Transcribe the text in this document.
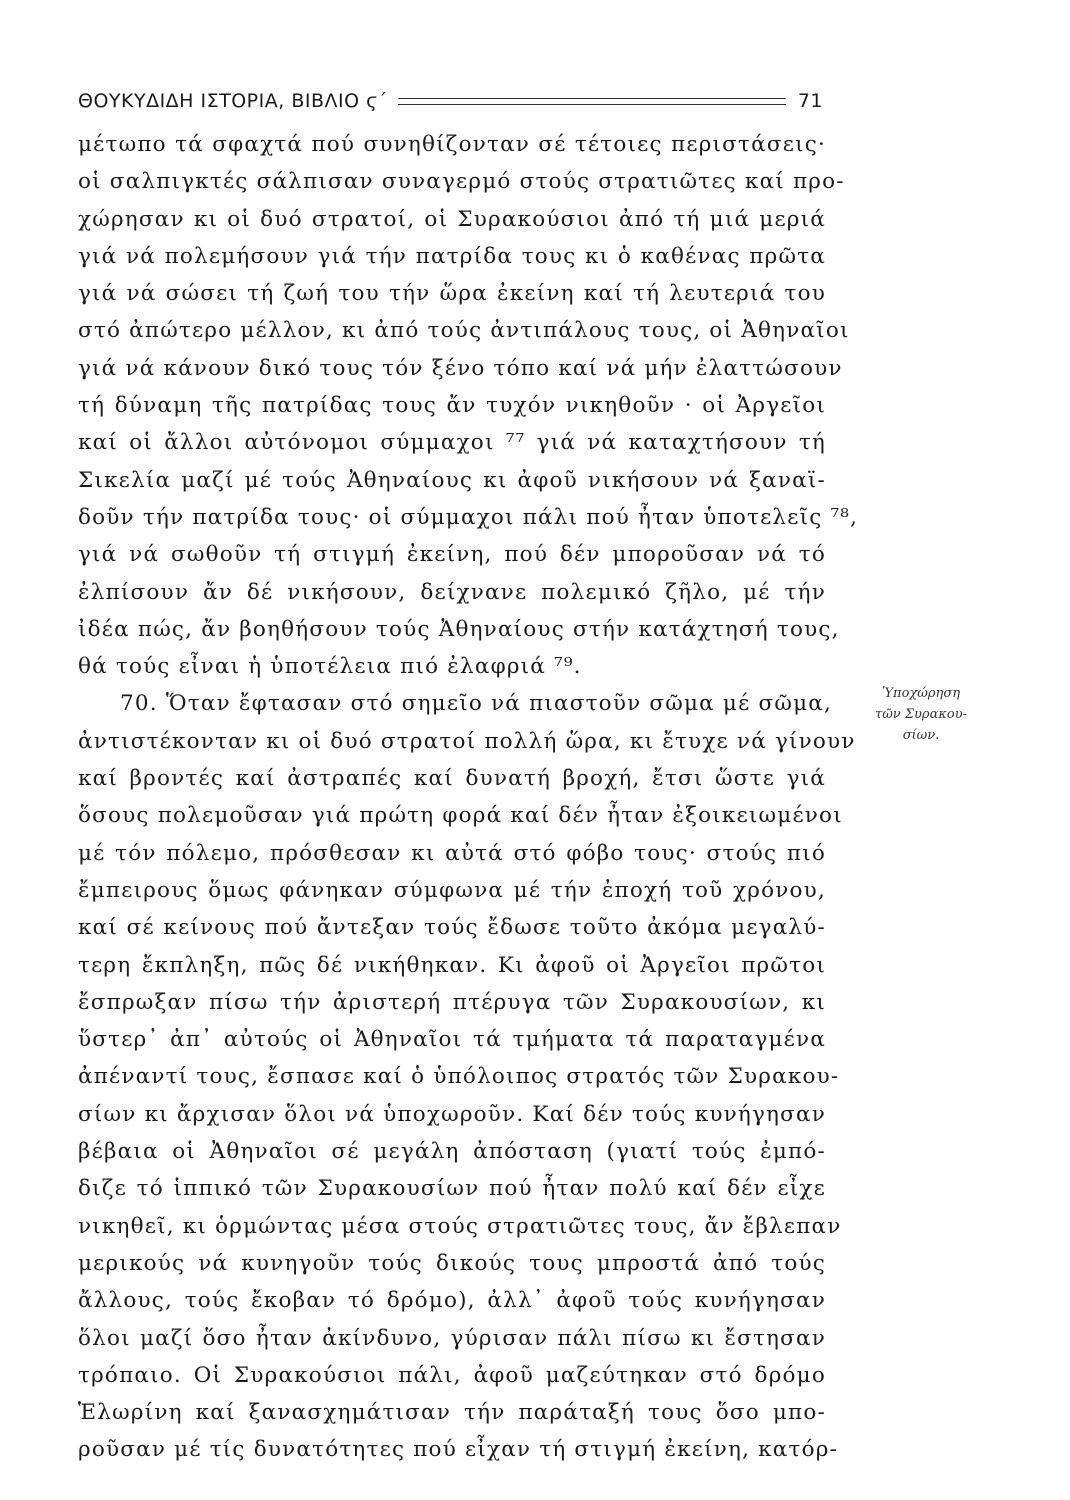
ΘΟΥΚΥΔΙΔΗ ΙΣΤΟΡΙΑ, ΒΙΒΛΙΟ ϛ΄	71
μέτωπο τά σφαχτά πού συνηθίζονταν σέ τέτοιες περιστάσεις·
οἱ σαλπιγκτές σάλπισαν συναγερμό στούς στρατιῶτες καί προ-
χώρησαν κι οἱ δυό στρατοί, οἱ Συρακούσιοι ἀπό τή μιά μεριά
γιά νά πολεμήσουν γιά τήν πατρίδα τους κι ὁ καθένας πρῶτα
γιά νά σώσει τή ζωή του τήν ὥρα ἐκείνη καί τή λευτεριά του
στό ἀπώτερο μέλλον, κι ἀπό τούς ἀντιπάλους τους, οἱ Ἀθηναῖοι
γιά νά κάνουν δικό τους τόν ξένο τόπο καί νά μήν ἐλαττώσουν
τή δύναμη τῆς πατρίδας τους ἄν τυχόν νικηθοῦν · οἱ Ἀργεῖοι
καί οἱ ἄλλοι αὐτόνομοι σύμμαχοι ⁷⁷ γιά νά καταχτήσουν τή
Σικελία μαζί μέ τούς Ἀθηναίους κι ἀφοῦ νικήσουν νά ξαναϊ-
δοῦν τήν πατρίδα τους· οἱ σύμμαχοι πάλι πού ἦταν ὑποτελεῖς ⁷⁸,
γιά νά σωθοῦν τή στιγμή ἐκείνη, πού δέν μποροῦσαν νά τό
ἐλπίσουν ἄν δέ νικήσουν, δείχνανε πολεμικό ζῆλο, μέ τήν
ἰδέα πώς, ἄν βοηθήσουν τούς Ἀθηναίους στήν κατάχτησή τους,
θά τούς εἶναι ἡ ὑποτέλεια πιό ἐλαφριά ⁷⁹.
70. Ὅταν ἔφτασαν στό σημεῖο νά πιαστοῦν σῶμα μέ σῶμα,
ἀντιστέκονταν κι οἱ δυό στρατοί πολλή ὥρα, κι ἔτυχε νά γίνουν
καί βροντές καί ἀστραπές καί δυνατή βροχή, ἔτσι ὥστε γιά
ὅσους πολεμοῦσαν γιά πρώτη φορά καί δέν ἦταν ἐξοικειωμένοι
μέ τόν πόλεμο, πρόσθεσαν κι αὐτά στό φόβο τους· στούς πιό
ἔμπειρους ὅμως φάνηκαν σύμφωνα μέ τήν ἐποχή τοῦ χρόνου,
καί σέ κείνους πού ἄντεξαν τούς ἔδωσε τοῦτο ἀκόμα μεγαλύ-
τερη ἔκπληξη, πῶς δέ νικήθηκαν. Κι ἀφοῦ οἱ Ἀργεῖοι πρῶτοι
ἔσπρωξαν πίσω τήν ἀριστερή πτέρυγα τῶν Συρακουσίων, κι
ὕστερ᾽ ἀπ᾽ αὐτούς οἱ Ἀθηναῖοι τά τμήματα τά παραταγμένα
ἀπέναντί τους, ἔσπασε καί ὁ ὑπόλοιπος στρατός τῶν Συρακου-
σίων κι ἄρχισαν ὅλοι νά ὑποχωροῦν. Καί δέν τούς κυνήγησαν
βέβαια οἱ Ἀθηναῖοι σέ μεγάλη ἀπόσταση (γιατί τούς ἐμπό-
διζε τό ἱππικό τῶν Συρακουσίων πού ἦταν πολύ καί δέν εἶχε
νικηθεῖ, κι ὁρμώντας μέσα στούς στρατιῶτες τους, ἄν ἔβλεπαν
μερικούς νά κυνηγοῦν τούς δικούς τους μπροστά ἀπό τούς
ἄλλους, τούς ἔκοβαν τό δρόμο), ἀλλ᾽ ἀφοῦ τούς κυνήγησαν
ὅλοι μαζί ὅσο ἦταν ἀκίνδυνο, γύρισαν πάλι πίσω κι ἔστησαν
τρόπαιο. Οἱ Συρακούσιοι πάλι, ἀφοῦ μαζεύτηκαν στό δρόμο
Ἑλωρίνη καί ξανασχημάτισαν τήν παράταξή τους ὅσο μπο-
ροῦσαν μέ τίς δυνατότητες πού εἶχαν τή στιγμή ἐκείνη, κατόρ-
Ὑποχώρηση
τῶν Συρακου-
σίων.
